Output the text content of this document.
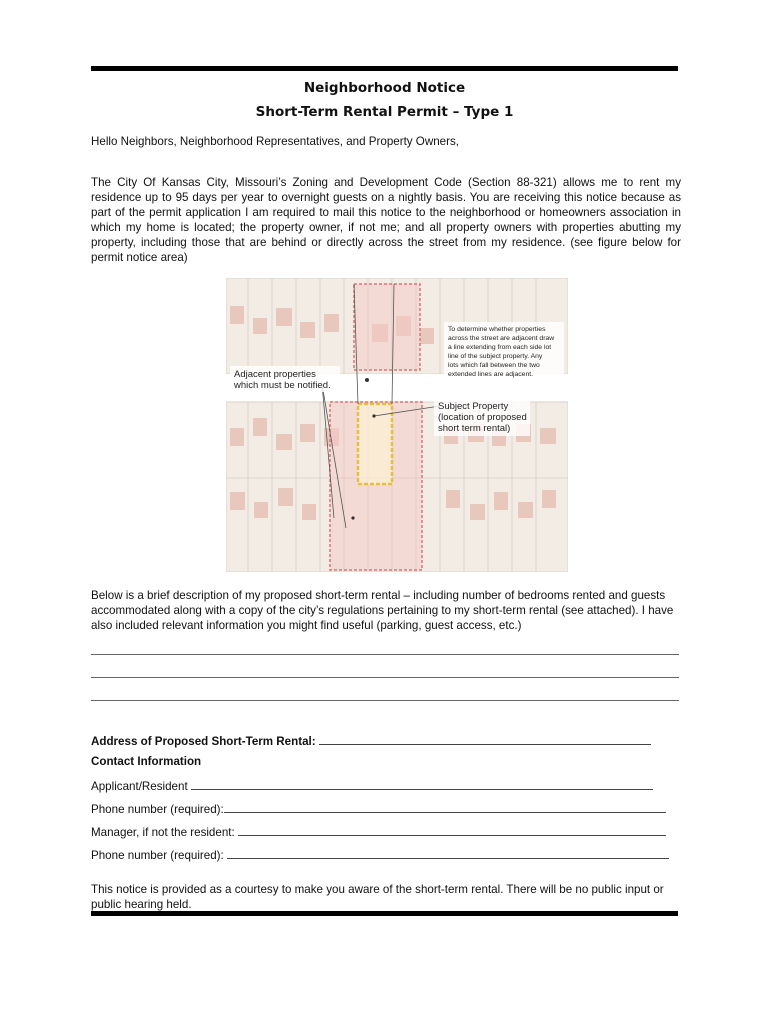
Neighborhood Notice
Short-Term Rental Permit – Type 1
Hello Neighbors, Neighborhood Representatives, and Property Owners,
The City Of Kansas City, Missouri’s Zoning and Development Code (Section 88-321) allows me to rent my residence up to 95 days per year to overnight guests on a nightly basis. You are receiving this notice because as part of the permit application I am required to mail this notice to the neighborhood or homeowners association in which my home is located; the property owner, if not me; and all property owners with properties abutting my property, including those that are behind or directly across the street from my residence. (see figure below for permit notice area)
To determine whether properties
across the street are adjacent draw
a line extending from each side lot
line of the subject property. Any
lots which fall between the two
extended lines are adjacent.
Adjacent properties
which must be notified.
Subject Property
(location of proposed
short term rental)
Below is a brief description of my proposed short-term rental – including number of bedrooms rented and guests accommodated along with a copy of the city’s regulations pertaining to my short-term rental (see attached). I have also included relevant information you might find useful (parking, guest access, etc.)
Address of Proposed Short-Term Rental:
Contact Information
Applicant/Resident
Phone number (required):
Manager, if not the resident:
Phone number (required):
This notice is provided as a courtesy to make you aware of the short-term rental. There will be no public input or public hearing held.
